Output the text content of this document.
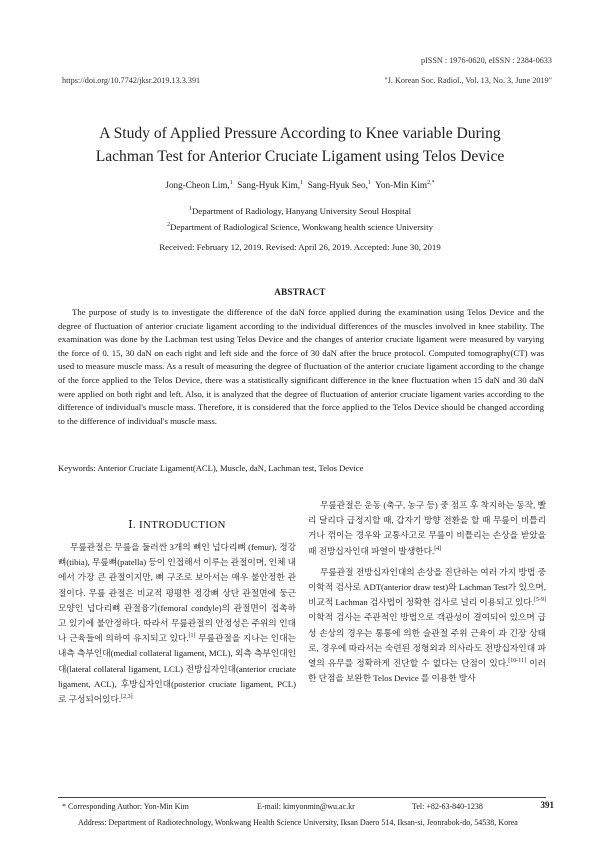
pISSN : 1976-0620, eISSN : 2384-0633
https://doi.org/10.7742/jksr.2019.13.3.391	"J. Korean Soc. Radiol., Vol. 13, No. 3, June 2019"
A Study of Applied Pressure According to Knee variable During
Lachman Test for Anterior Cruciate Ligament using Telos Device
Jong-Cheon Lim,$^1$ Sang-Hyuk Kim,$^1$ Sang-Hyuk Seo,$^1$ Yon-Min Kim$^{2,*}$
$^1$Department of Radiology, Hanyang University Seoul Hospital
$^2$Department of Radiological Science, Wonkwang health science University
Received: February 12, 2019. Revised: April 26, 2019. Accepted: June 30, 2019
ABSTRACT
The purpose of study is to investigate the difference of the daN force applied during the examination using Telos Device and the degree of fluctuation of anterior cruciate ligament according to the individual differences of the muscles involved in knee stability. The examination was done by the Lachman test using Telos Device and the changes of anterior cruciate ligament were measured by varying the force of 0. 15, 30 daN on each right and left side and the force of 30 daN after the bruce protocol. Computed tomography(CT) was used to measure muscle mass. As a result of measuring the degree of fluctuation of the anterior cruciate ligament according to the change of the force applied to the Telos Device, there was a statistically significant difference in the knee fluctuation when 15 daN and 30 daN were applied on both right and left. Also, it is analyzed that the degree of fluctuation of anterior cruciate ligament varies according to the difference of individual's muscle mass. Therefore, it is considered that the force applied to the Telos Device should be changed according to the difference of individual's muscle mass.
Keywords: Anterior Cruciate Ligament(ACL), Muscle, daN, Lachman test, Telos Device
Ⅰ. INTRODUCTION

무릎관절은 무릎을 둘러싼 3개의 뼈인 넙다리뼈 (femur), 정강뼈(tibia), 무릎뼈(patella) 등이 인접해서 이루는 관절이며, 인체 내에서 가장 큰 관절이지만, 뼈 구조로 보아서는 매우 불안정한 관절이다. 무릎 관절은 비교적 평평한 정강뼈 상단 관절면에 둥근 모양인 넙다리뼈 관절융기(femoral condyle)의 관절면이 접촉하고 있기에 불안정하다. 따라서 무릎관절의 안정성은 주위의 인대나 근육들에 의하여 유지되고 있다.[1] 무릎관절을 지나는 인대는 내측 측부인대(medial collateral ligament, MCL), 외측 측부인대인대(lateral collateral ligament, LCL) 전방십자인대(anterior cruciate ligament, ACL), 후방십자인대(posterior cruciate ligament, PCL) 로 구성되어있다.[2,3]

무릎관절은 운동 (축구, 농구 등) 중 점프 후 착지하는 동작, 빨리 달리다 급정지할 때, 갑자기 방향 전환을 할 때 무릎이 비틀리거나 꺾이는 경우와 교통사고로 무릎이 비틀리는 손상을 받았을 때 전방십자인대 파열이 발생한다.[4]

무릎관절 전방십자인대의 손상을 진단하는 여러 가지 방법 중 이학적 검사로 ADT(anterior draw test)와 Lachman Test가 있으며, 비교적 Lachman 검사법이 정확한 검사로 널리 이용되고 있다.[5-9] 이학적 검사는 주관적인 방법으로 객관성이 결여되어 있으며 급성 손상의 경우는 통통에 의한 슬관절 주위 근육이 과 긴장 상태로, 경우에 따라서는 숙련된 정형외과 의사라도 전방십자인대 파열의 유무를 정확하게 진단할 수 없다는 단점이 있다.[10-11] 이러한 단점을 보완한 Telos Device 를 이용한 방사

* Corresponding Author: Yon-Min Kim	E-mail: kimyonmin@wu.ac.kr	Tel: +82-63-840-1238	391
Address: Department of Radiotechnology, Wonkwang Health Science University, Iksan Daero 514, Iksan-si, Jeonrabok-do, 54538, Korea
